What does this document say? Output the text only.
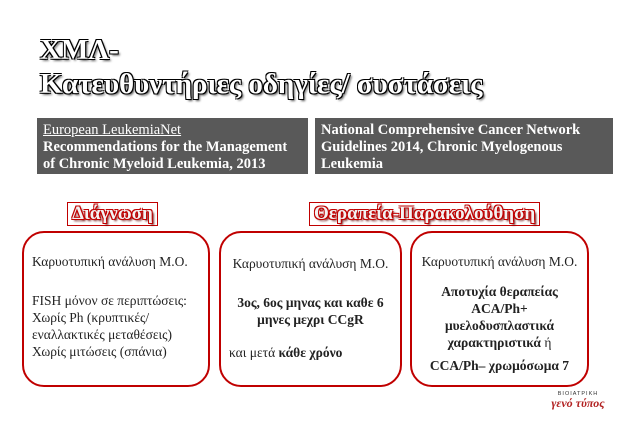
ΧΜΛ-
Κατευθυντήριες οδηγίες/ συστάσεις
European LeukemiaNet
Recommendations for the Management
of Chronic Myeloid Leukemia, 2013
National Comprehensive Cancer Network
Guidelines 2014, Chronic Myelogenous
Leukemia
Διάγνωση	Θεραπεία-Παρακολούθηση
Καρυοτυπική ανάλυση Μ.Ο.
FISH μόνον σε περιπτώσεις:
Χωρίς Ph (κρυπτικές/
εναλλακτικές μεταθέσεις)
Χωρίς μιτώσεις (σπάνια)
Καρυοτυπική ανάλυση Μ.Ο.
3ος, 6ος μηνας και καθε 6
μηνες μεχρι CCgR
και μετά κάθε χρόνο
Καρυοτυπική ανάλυση Μ.Ο.
Αποτυχία θεραπείας
ACA/Ph+
μυελοδυσπλαστικά
χαρακτηριστικά ή
CCA/Ph– χρωμόσωμα 7
ΒΙΟΙΑΤΡΙΚΗ
γενό τύπος
